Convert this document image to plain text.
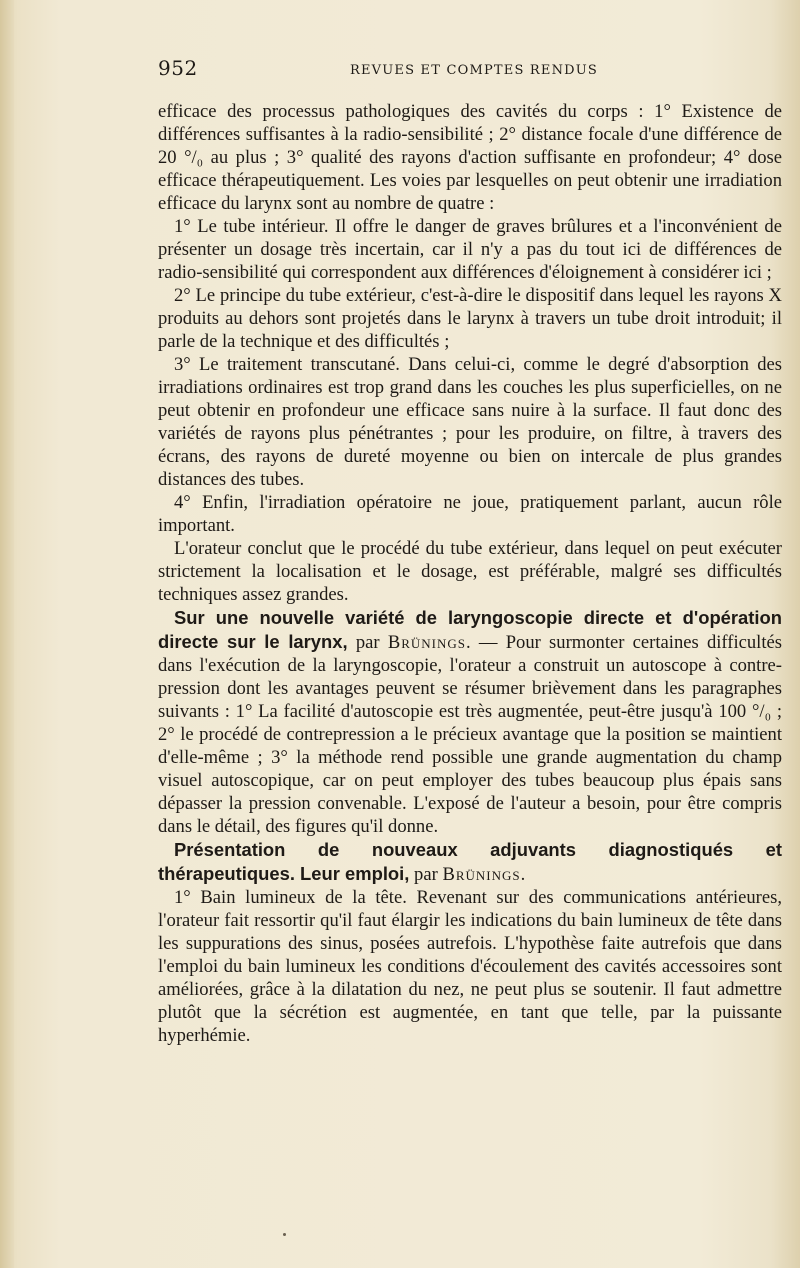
952	REVUES ET COMPTES RENDUS

efficace des processus pathologiques des cavités du corps : 1° Existence de différences suffisantes à la radio-sensibilité ; 2° distance focale d'une différence de 20 °/₀ au plus ; 3° qualité des rayons d'action suffisante en profondeur; 4° dose efficace thérapeutiquement. Les voies par lesquelles on peut obtenir une irradiation efficace du larynx sont au nombre de quatre :

1° Le tube intérieur. Il offre le danger de graves brûlures et a l'inconvénient de présenter un dosage très incertain, car il n'y a pas du tout ici de différences de radio-sensibilité qui correspondent aux différences d'éloignement à considérer ici ;

2° Le principe du tube extérieur, c'est-à-dire le dispositif dans lequel les rayons X produits au dehors sont projetés dans le larynx à travers un tube droit introduit; il parle de la technique et des difficultés ;

3° Le traitement transcutané. Dans celui-ci, comme le degré d'absorption des irradiations ordinaires est trop grand dans les couches les plus superficielles, on ne peut obtenir en profondeur une efficace sans nuire à la surface. Il faut donc des variétés de rayons plus pénétrantes ; pour les produire, on filtre, à travers des écrans, des rayons de dureté moyenne ou bien on intercale de plus grandes distances des tubes.

4° Enfin, l'irradiation opératoire ne joue, pratiquement parlant, aucun rôle important.

L'orateur conclut que le procédé du tube extérieur, dans lequel on peut exécuter strictement la localisation et le dosage, est préférable, malgré ses difficultés techniques assez grandes.

Sur une nouvelle variété de laryngoscopie directe et d'opération directe sur le larynx, par Brünings. — Pour surmonter certaines difficultés dans l'exécution de la laryngoscopie, l'orateur a construit un autoscope à contre-pression dont les avantages peuvent se résumer brièvement dans les paragraphes suivants : 1° La facilité d'autoscopie est très augmentée, peut-être jusqu'à 100 °/₀ ; 2° le procédé de contrepression a le précieux avantage que la position se maintient d'elle-même ; 3° la méthode rend possible une grande augmentation du champ visuel autoscopique, car on peut employer des tubes beaucoup plus épais sans dépasser la pression convenable. L'exposé de l'auteur a besoin, pour être compris dans le détail, des figures qu'il donne.

Présentation de nouveaux adjuvants diagnostiqués et thérapeutiques. Leur emploi, par Brünings.

1° Bain lumineux de la tête. Revenant sur des communications antérieures, l'orateur fait ressortir qu'il faut élargir les indications du bain lumineux de tête dans les suppurations des sinus, posées autrefois. L'hypothèse faite autrefois que dans l'emploi du bain lumineux les conditions d'écoulement des cavités accessoires sont améliorées, grâce à la dilatation du nez, ne peut plus se soutenir. Il faut admettre plutôt que la sécrétion est augmentée, en tant que telle, par la puissante hyperhémie.
